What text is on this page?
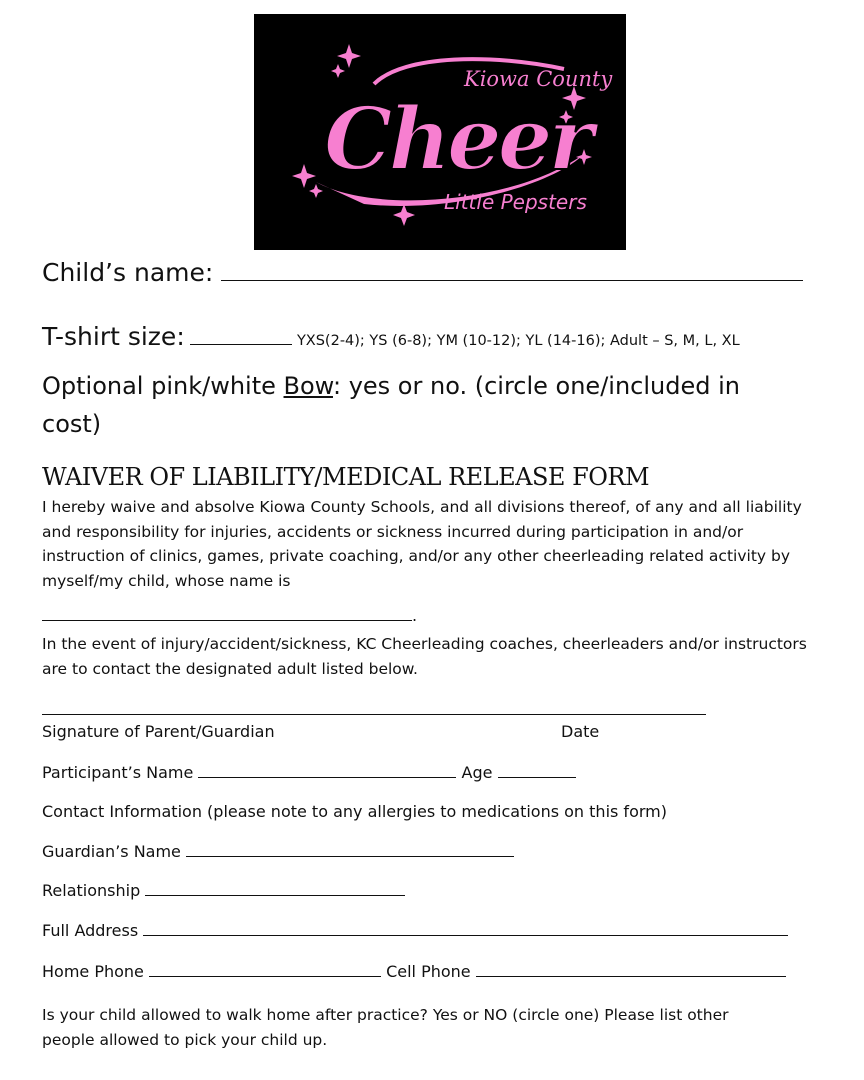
Kiowa County
Cheer
Little Pepsters
Child’s name:
T-shirt size:	YXS(2-4); YS (6-8); YM (10-12); YL (14-16); Adult – S, M, L, XL
Optional pink/white Bow: yes or no. (circle one/included in
cost)
WAIVER OF LIABILITY/MEDICAL RELEASE FORM
I hereby waive and absolve Kiowa County Schools, and all divisions thereof, of any and all liability and responsibility for injuries, accidents or sickness incurred during participation in and/or instruction of clinics, games, private coaching, and/or any other cheerleading related activity by myself/my child, whose name is
.
In the event of injury/accident/sickness, KC Cheerleading coaches, cheerleaders and/or instructors are to contact the designated adult listed below.
Signature of Parent/Guardian	Date
Participant’s Name	Age
Contact Information (please note to any allergies to medications on this form)
Guardian’s Name
Relationship
Full Address
Home Phone	Cell Phone
Is your child allowed to walk home after practice? Yes or NO (circle one) Please list other people allowed to pick your child up.
